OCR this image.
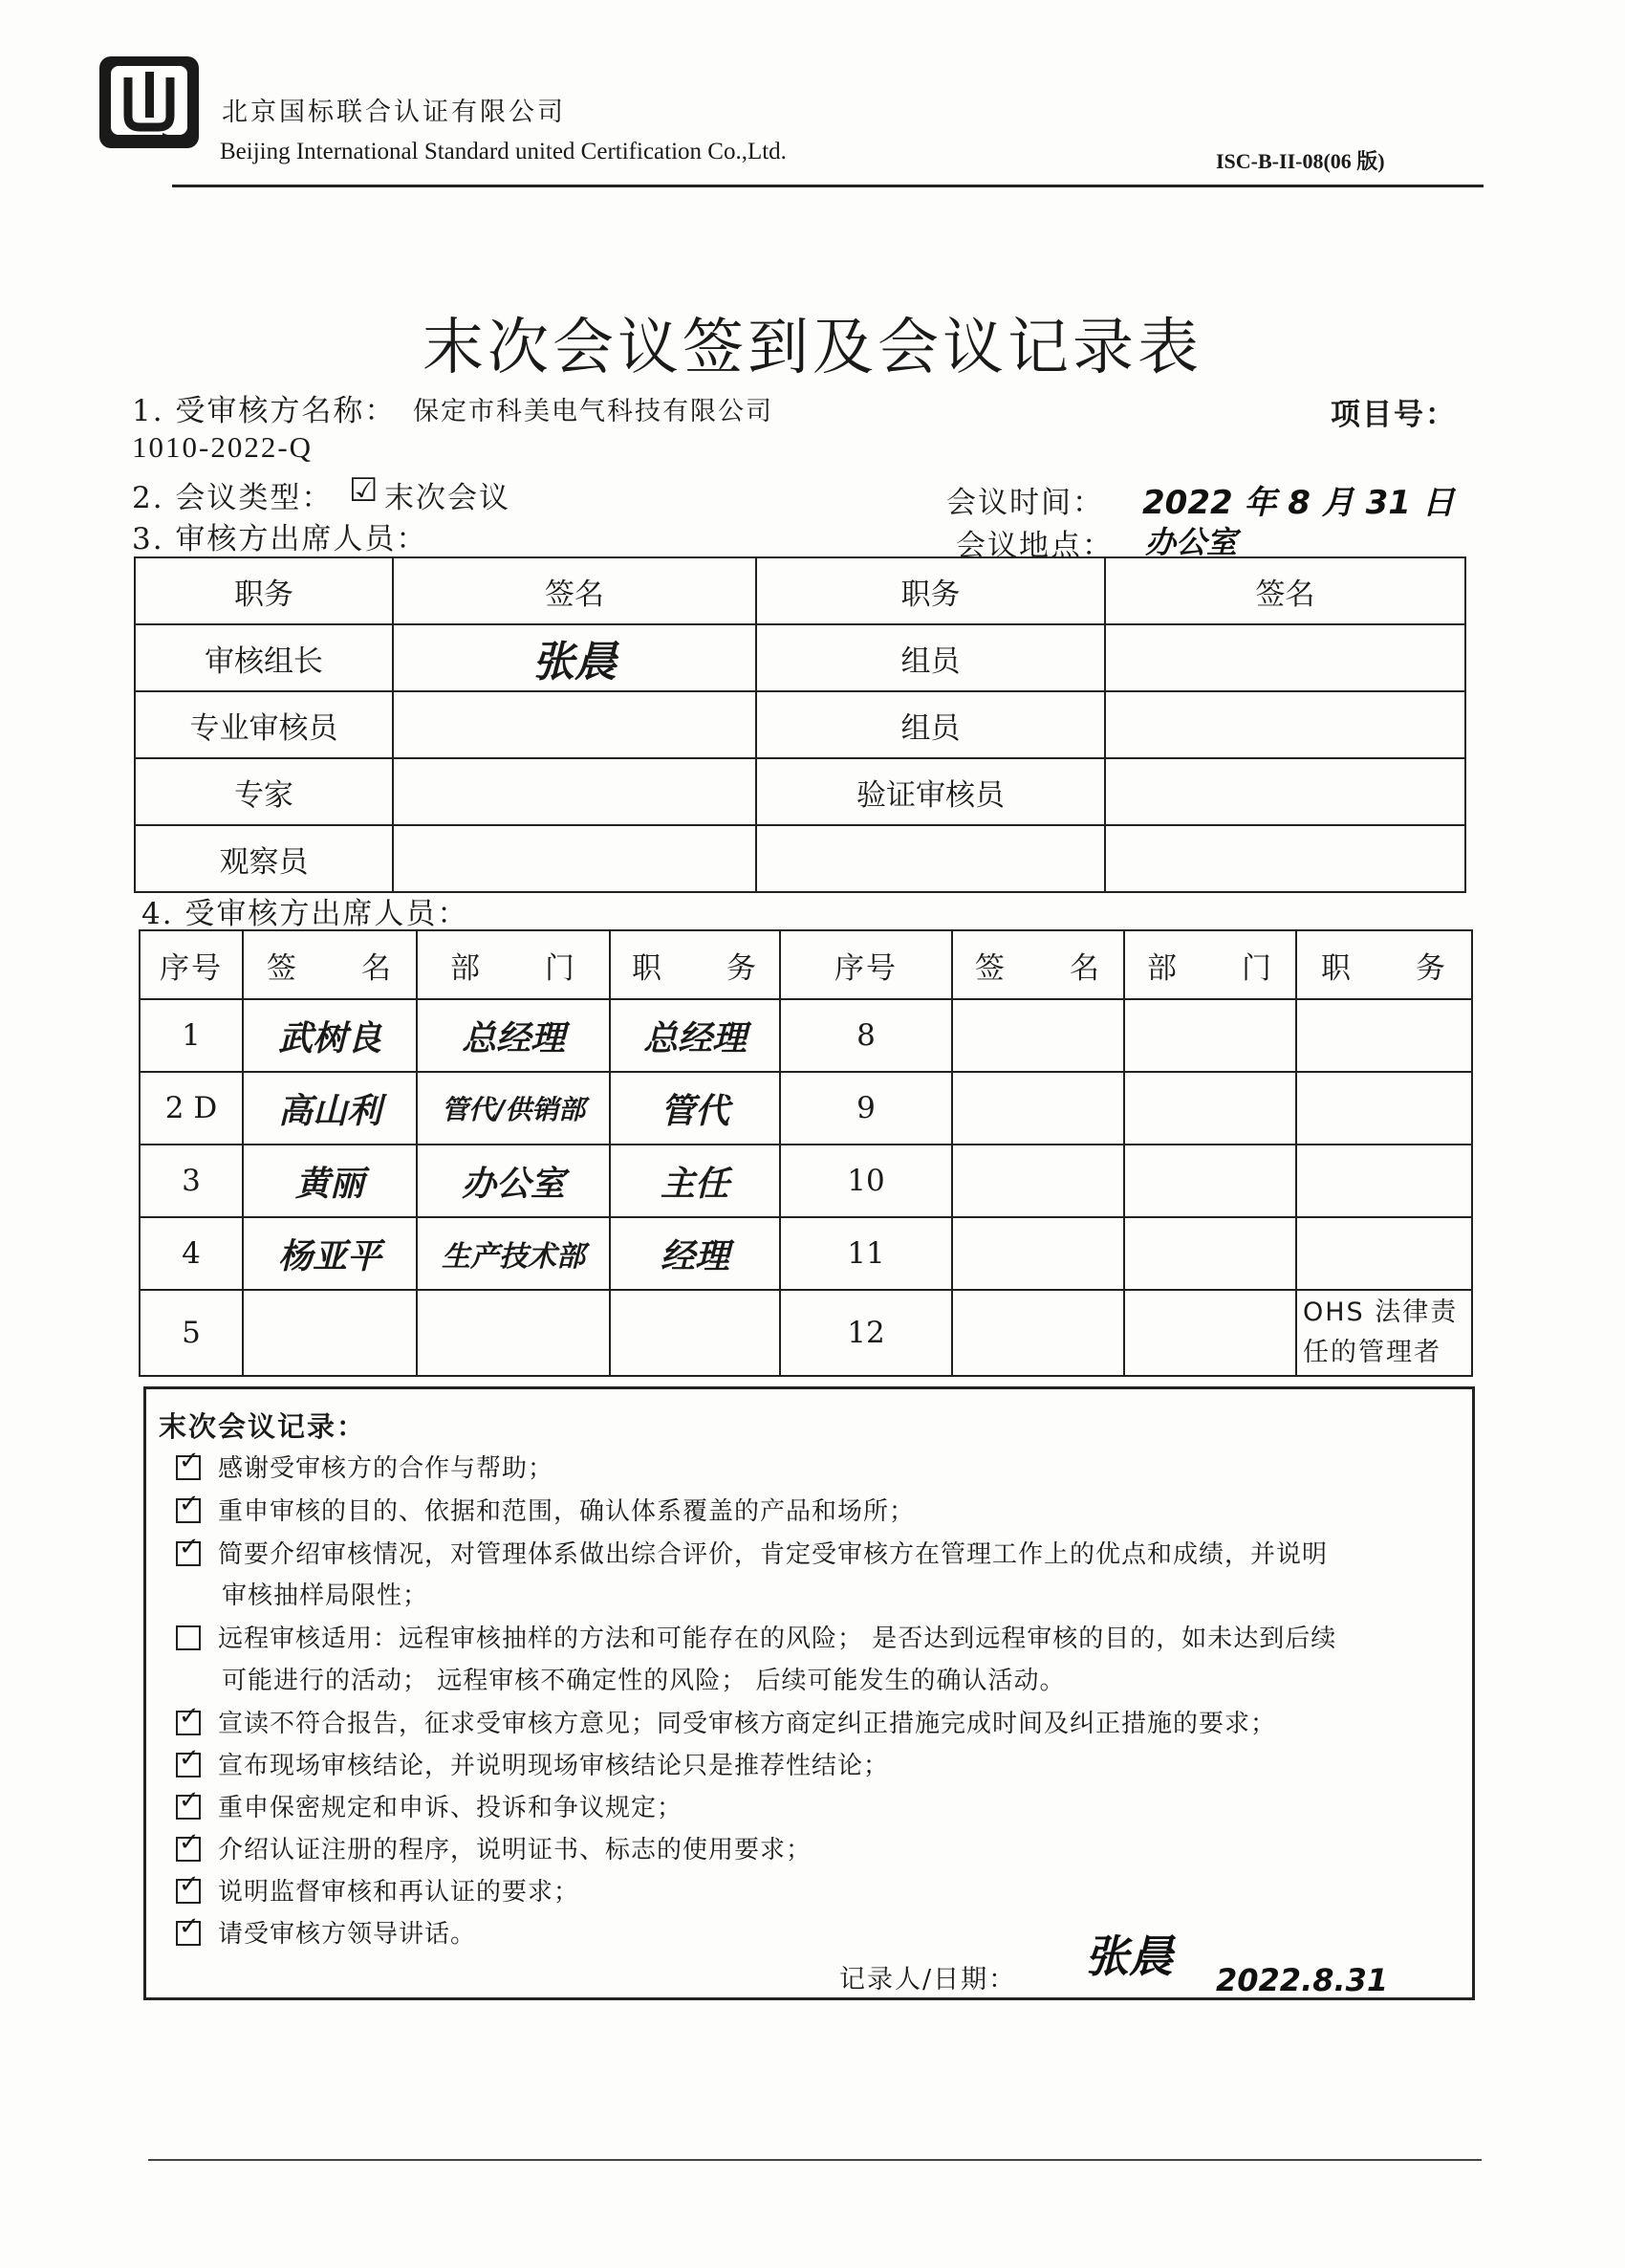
北京国标联合认证有限公司
Beijing International Standard united Certification Co.,Ltd.	ISC-B-II-08(06 版)
末次会议签到及会议记录表
1. 受审核方名称： 保定市科美电气科技有限公司	项目号：
1010-2022-Q
2. 会议类型： ☑ 末次会议	会议时间： 2022 年 8 月 31 日
3. 审核方出席人员：	会议地点： 办公室
职务	签名	职务	签名
审核组长	张晨	组员	
专业审核员		组员	
专家		验证审核员	
观察员			
4. 受审核方出席人员：
序号	签　　名	部　　门	职　　务	序号	签　　名	部　　门	职　　务
1	武树良	总经理	总经理	8			
2 D	高山利	管代/供销部	管代	9			
3	黄丽	办公室	主任	10			
4	杨亚平	生产技术部	经理	11			
5				12			OHS 法律责任的管理者
末次会议记录：
✓ 感谢受审核方的合作与帮助；
✓ 重申审核的目的、依据和范围，确认体系覆盖的产品和场所；
✓ 简要介绍审核情况，对管理体系做出综合评价，肯定受审核方在管理工作上的优点和成绩，并说明
审核抽样局限性；
远程审核适用：远程审核抽样的方法和可能存在的风险； 是否达到远程审核的目的，如未达到后续
可能进行的活动； 远程审核不确定性的风险； 后续可能发生的确认活动。
✓ 宣读不符合报告，征求受审核方意见；同受审核方商定纠正措施完成时间及纠正措施的要求；
✓ 宣布现场审核结论，并说明现场审核结论只是推荐性结论；
✓ 重申保密规定和申诉、投诉和争议规定；
✓ 介绍认证注册的程序，说明证书、标志的使用要求；
✓ 说明监督审核和再认证的要求；
✓ 请受审核方领导讲话。
记录人/日期： 张晨 2022.8.31
